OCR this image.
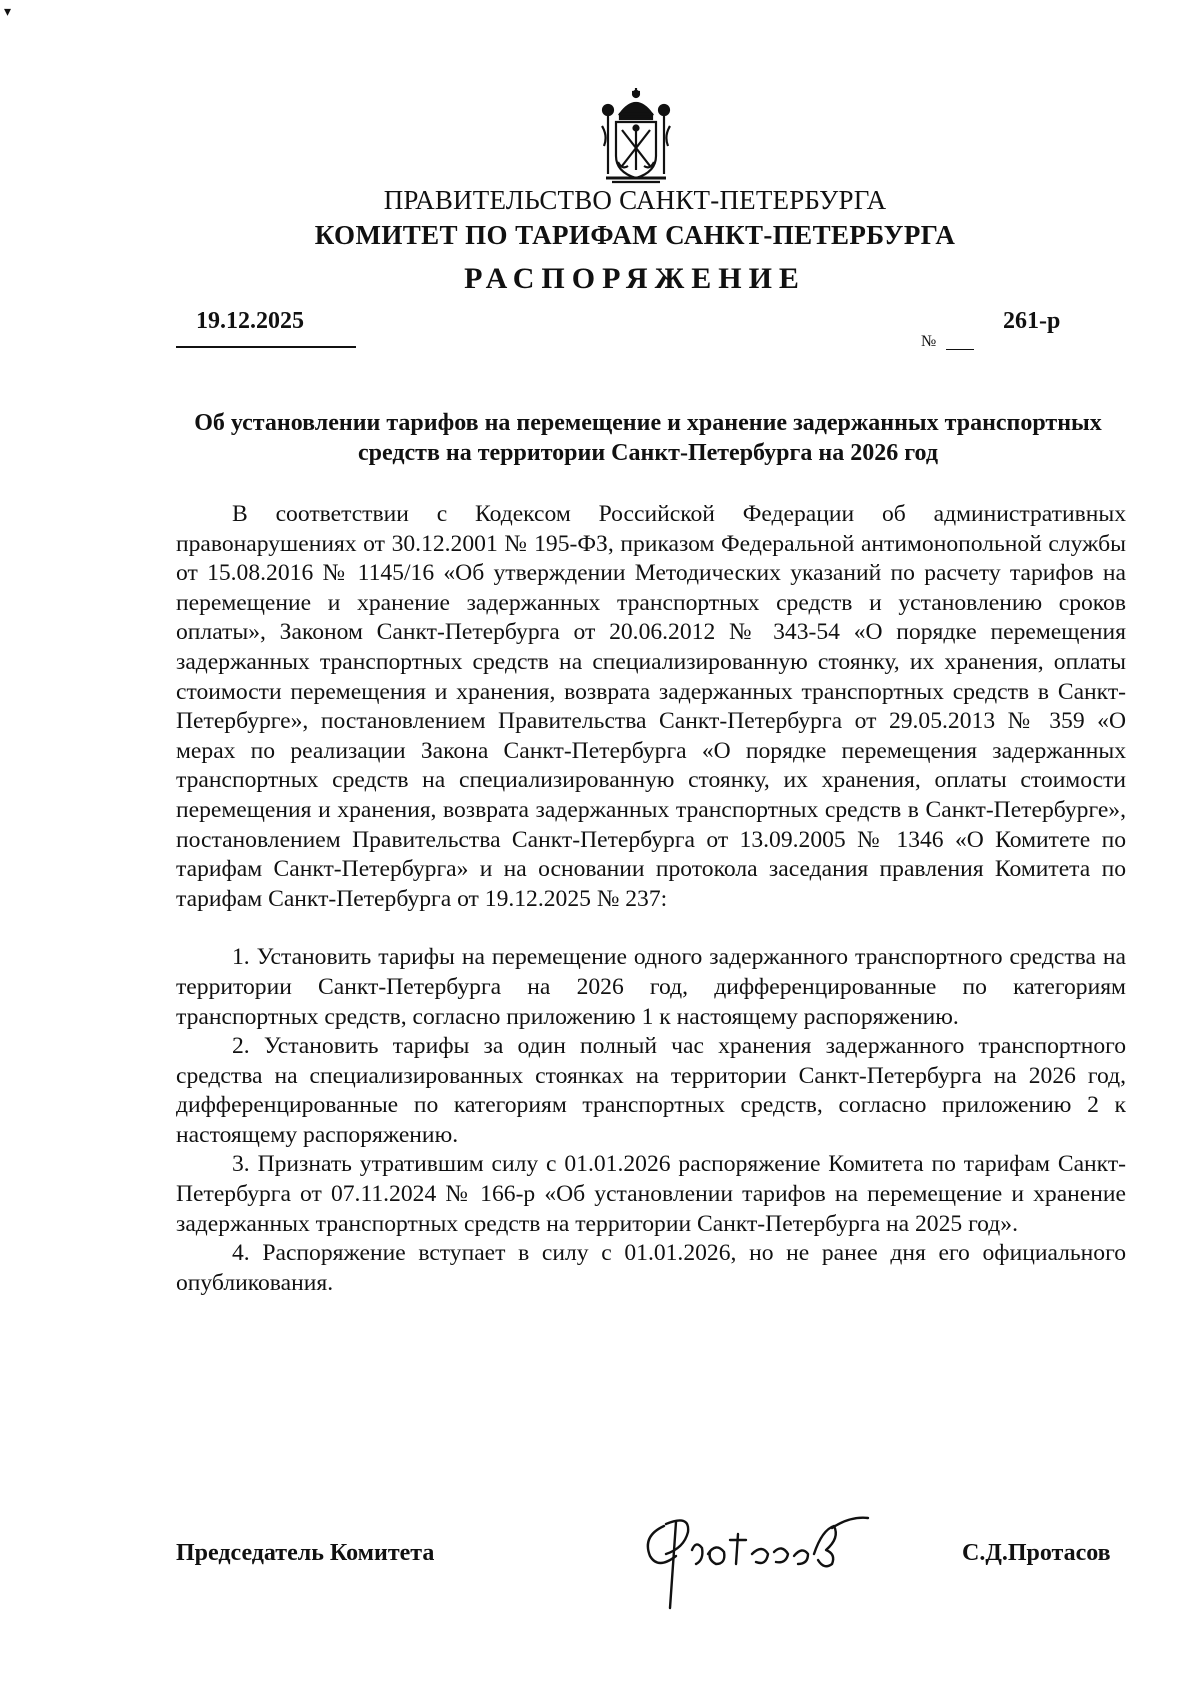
▾
ПРАВИТЕЛЬСТВО САНКТ-ПЕТЕРБУРГА
КОМИТЕТ ПО ТАРИФАМ САНКТ-ПЕТЕРБУРГА
РАСПОРЯЖЕНИЕ
19.12.2025
№
261-р
Об установлении тарифов на перемещение и хранение задержанных транспортных средств на территории Санкт-Петербурга на 2026 год

В соответствии с Кодексом Российской Федерации об административных правонарушениях от 30.12.2001 № 195-ФЗ, приказом Федеральной антимонопольной службы от 15.08.2016 № 1145/16 «Об утверждении Методических указаний по расчету тарифов на перемещение и хранение задержанных транспортных средств и установлению сроков оплаты», Законом Санкт-Петербурга от 20.06.2012 № 343-54 «О порядке перемещения задержанных транспортных средств на специализированную стоянку, их хранения, оплаты стоимости перемещения и хранения, возврата задержанных транспортных средств в Санкт-Петербурге», постановлением Правительства Санкт-Петербурга от 29.05.2013 № 359 «О мерах по реализации Закона Санкт-Петербурга «О порядке перемещения задержанных транспортных средств на специализированную стоянку, их хранения, оплаты стоимости перемещения и хранения, возврата задержанных транспортных средств в Санкт-Петербурге», постановлением Правительства Санкт-Петербурга от 13.09.2005 № 1346 «О Комитете по тарифам Санкт-Петербурга» и на основании протокола заседания правления Комитета по тарифам Санкт-Петербурга от 19.12.2025 № 237:

1. Установить тарифы на перемещение одного задержанного транспортного средства на территории Санкт-Петербурга на 2026 год, дифференцированные по категориям транспортных средств, согласно приложению 1 к настоящему распоряжению.

2. Установить тарифы за один полный час хранения задержанного транспортного средства на специализированных стоянках на территории Санкт-Петербурга на 2026 год, дифференцированные по категориям транспортных средств, согласно приложению 2 к настоящему распоряжению.

3. Признать утратившим силу с 01.01.2026 распоряжение Комитета по тарифам Санкт-Петербурга от 07.11.2024 № 166-р «Об установлении тарифов на перемещение и хранение задержанных транспортных средств на территории Санкт-Петербурга на 2025 год».

4. Распоряжение вступает в силу с 01.01.2026, но не ранее дня его официального опубликования.

Председатель Комитета	С.Д.Протасов
